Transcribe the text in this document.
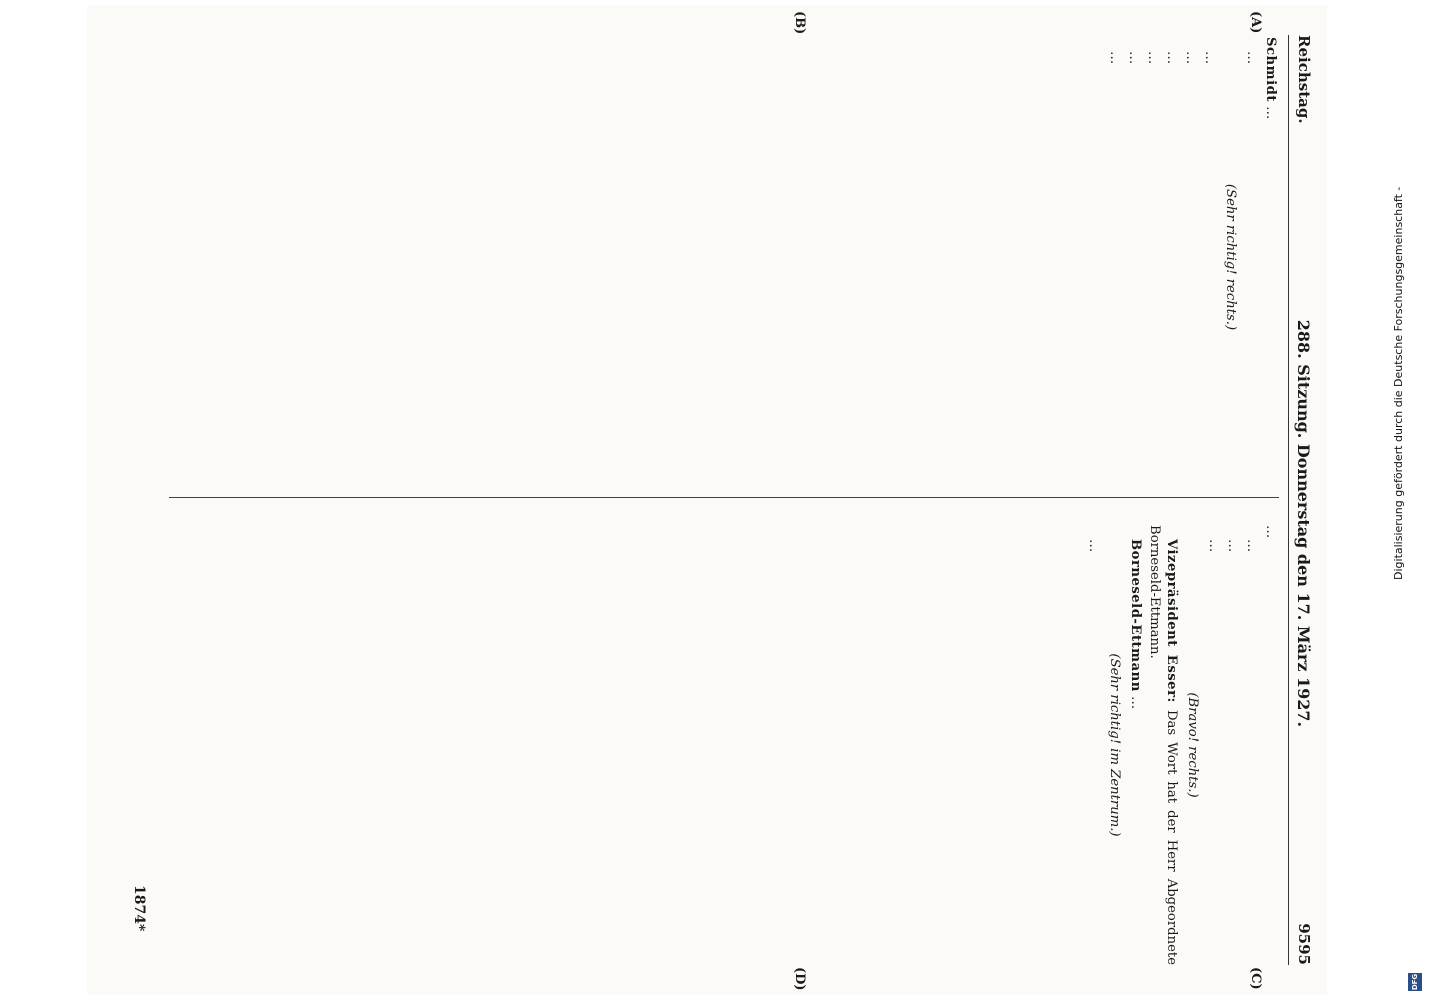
Reichstag.
288. Sitzung. Donnerstag den 17. März 1927.
9595
(A)
(B)
(C)
(D)

Schmidt …

…

(Sehr richtig! rechts.)

…

…

…

…

…

…

…

…

…

…

(Bravo! rechts.)

Vizepräsident Esser: Das Wort hat der Herr Abgeordnete Borneseld-Ettmann.

Borneseld-Ettmann …

(Sehr richtig! im Zentrum.)

…

1874*
Digitalisierung gefördert durch die Deutsche Forschungsgemeinschaft -
DFG
